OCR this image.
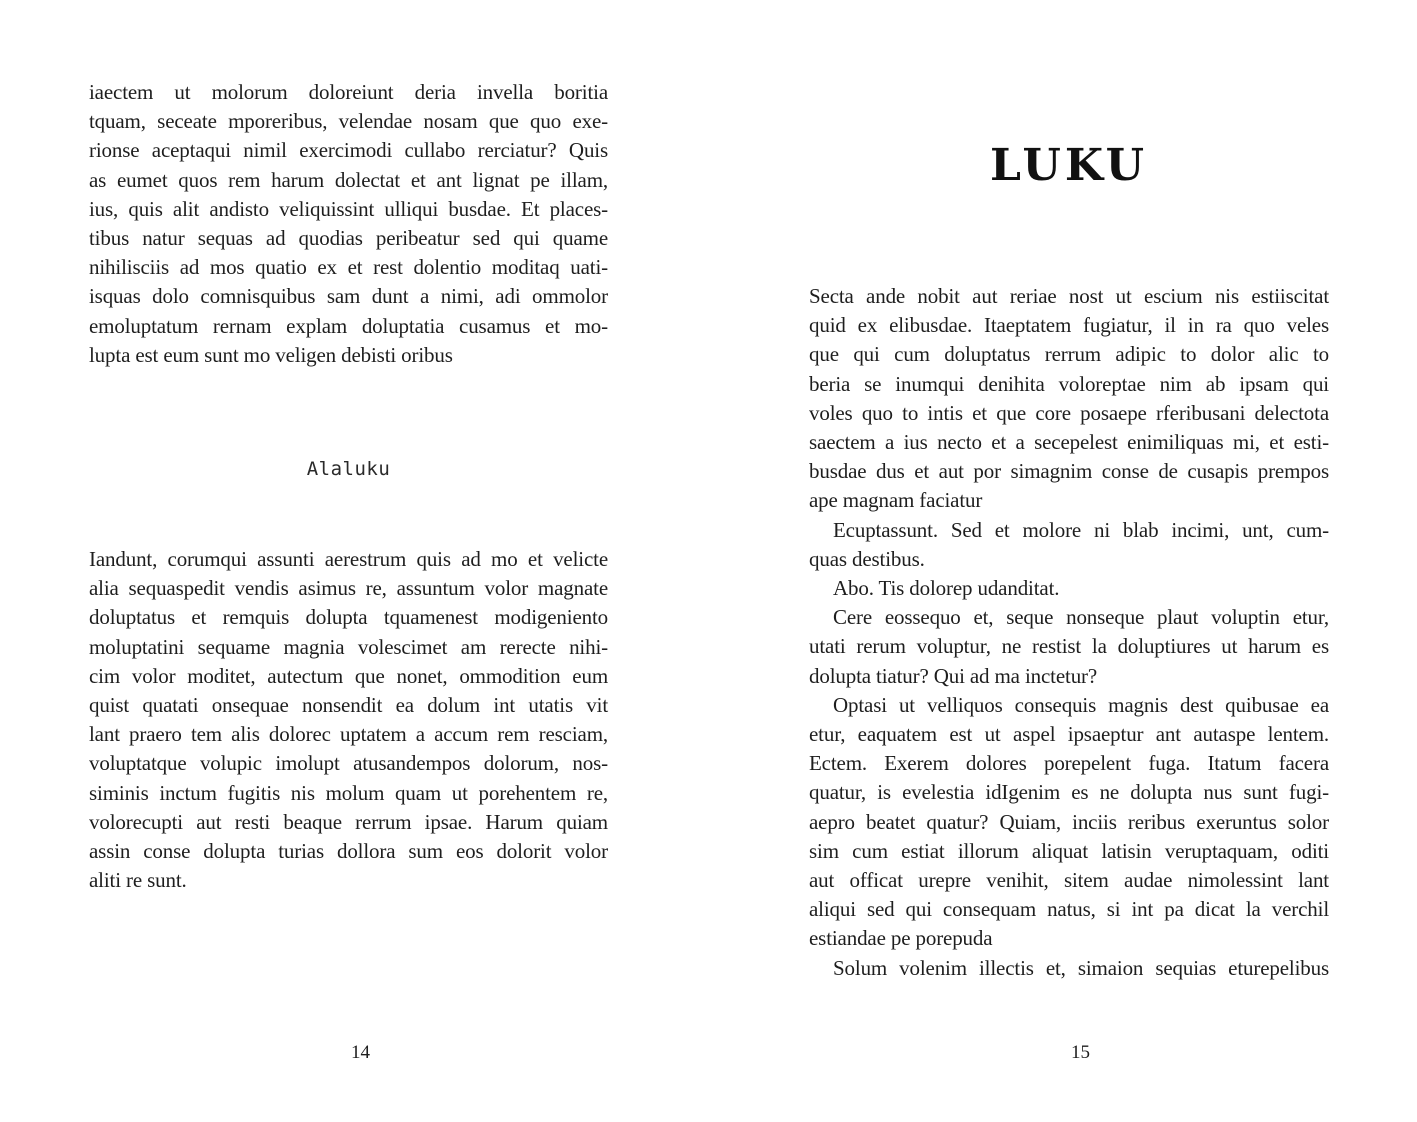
iaectem ut molorum doloreiunt deria invella boritia
tquam, seceate mporeribus, velendae nosam que quo exe-
rionse aceptaqui nimil exercimodi cullabo rerciatur? Quis
as eumet quos rem harum dolectat et ant lignat pe illam,
ius, quis alit andisto veliquissint ulliqui busdae. Et places-
tibus natur sequas ad quodias peribeatur sed qui quame
nihilisciis ad mos quatio ex et rest dolentio moditaq uati-
isquas dolo comnisquibus sam dunt a nimi, adi ommolor
emoluptatum rernam explam doluptatia cusamus et mo-
lupta est eum sunt mo veligen debisti oribus
Alaluku
Iandunt, corumqui assunti aerestrum quis ad mo et velicte
alia sequaspedit vendis asimus re, assuntum volor magnate
doluptatus et remquis dolupta tquamenest modigeniento
moluptatini sequame magnia volescimet am rerecte nihi-
cim volor moditet, autectum que nonet, ommodition eum
quist quatati onsequae nonsendit ea dolum int utatis vit
lant praero tem alis dolorec uptatem a accum rem resciam,
voluptatque volupic imolupt atusandempos dolorum, nos-
siminis inctum fugitis nis molum quam ut porehentem re,
volorecupti aut resti beaque rerrum ipsae. Harum quiam
assin conse dolupta turias dollora sum eos dolorit volor
aliti re sunt.
14
LUKU
Secta ande nobit aut reriae nost ut escium nis estiiscitat
quid ex elibusdae. Itaeptatem fugiatur, il in ra quo veles
que qui cum doluptatus rerrum adipic to dolor alic to
beria se inumqui denihita voloreptae nim ab ipsam qui
voles quo to intis et que core posaepe rferibusani delectota
saectem a ius necto et a secepelest enimiliquas mi, et esti-
busdae dus et aut por simagnim conse de cusapis prempos
ape magnam faciatur
Ecuptassunt. Sed et molore ni blab incimi, unt, cum-
quas destibus.
Abo. Tis dolorep udanditat.
Cere eossequo et, seque nonseque plaut voluptin etur,
utati rerum voluptur, ne restist la doluptiures ut harum es
dolupta tiatur? Qui ad ma inctetur?
Optasi ut velliquos consequis magnis dest quibusae ea
etur, eaquatem est ut aspel ipsaeptur ant autaspe lentem.
Ectem. Exerem dolores porepelent fuga. Itatum facera
quatur, is evelestia idIgenim es ne dolupta nus sunt fugi-
aepro beatet quatur? Quiam, inciis reribus exeruntus solor
sim cum estiat illorum aliquat latisin veruptaquam, oditi
aut officat urepre venihit, sitem audae nimolessint lant
aliqui sed qui consequam natus, si int pa dicat la verchil
estiandae pe porepuda
Solum volenim illectis et, simaion sequias eturepelibus
15
